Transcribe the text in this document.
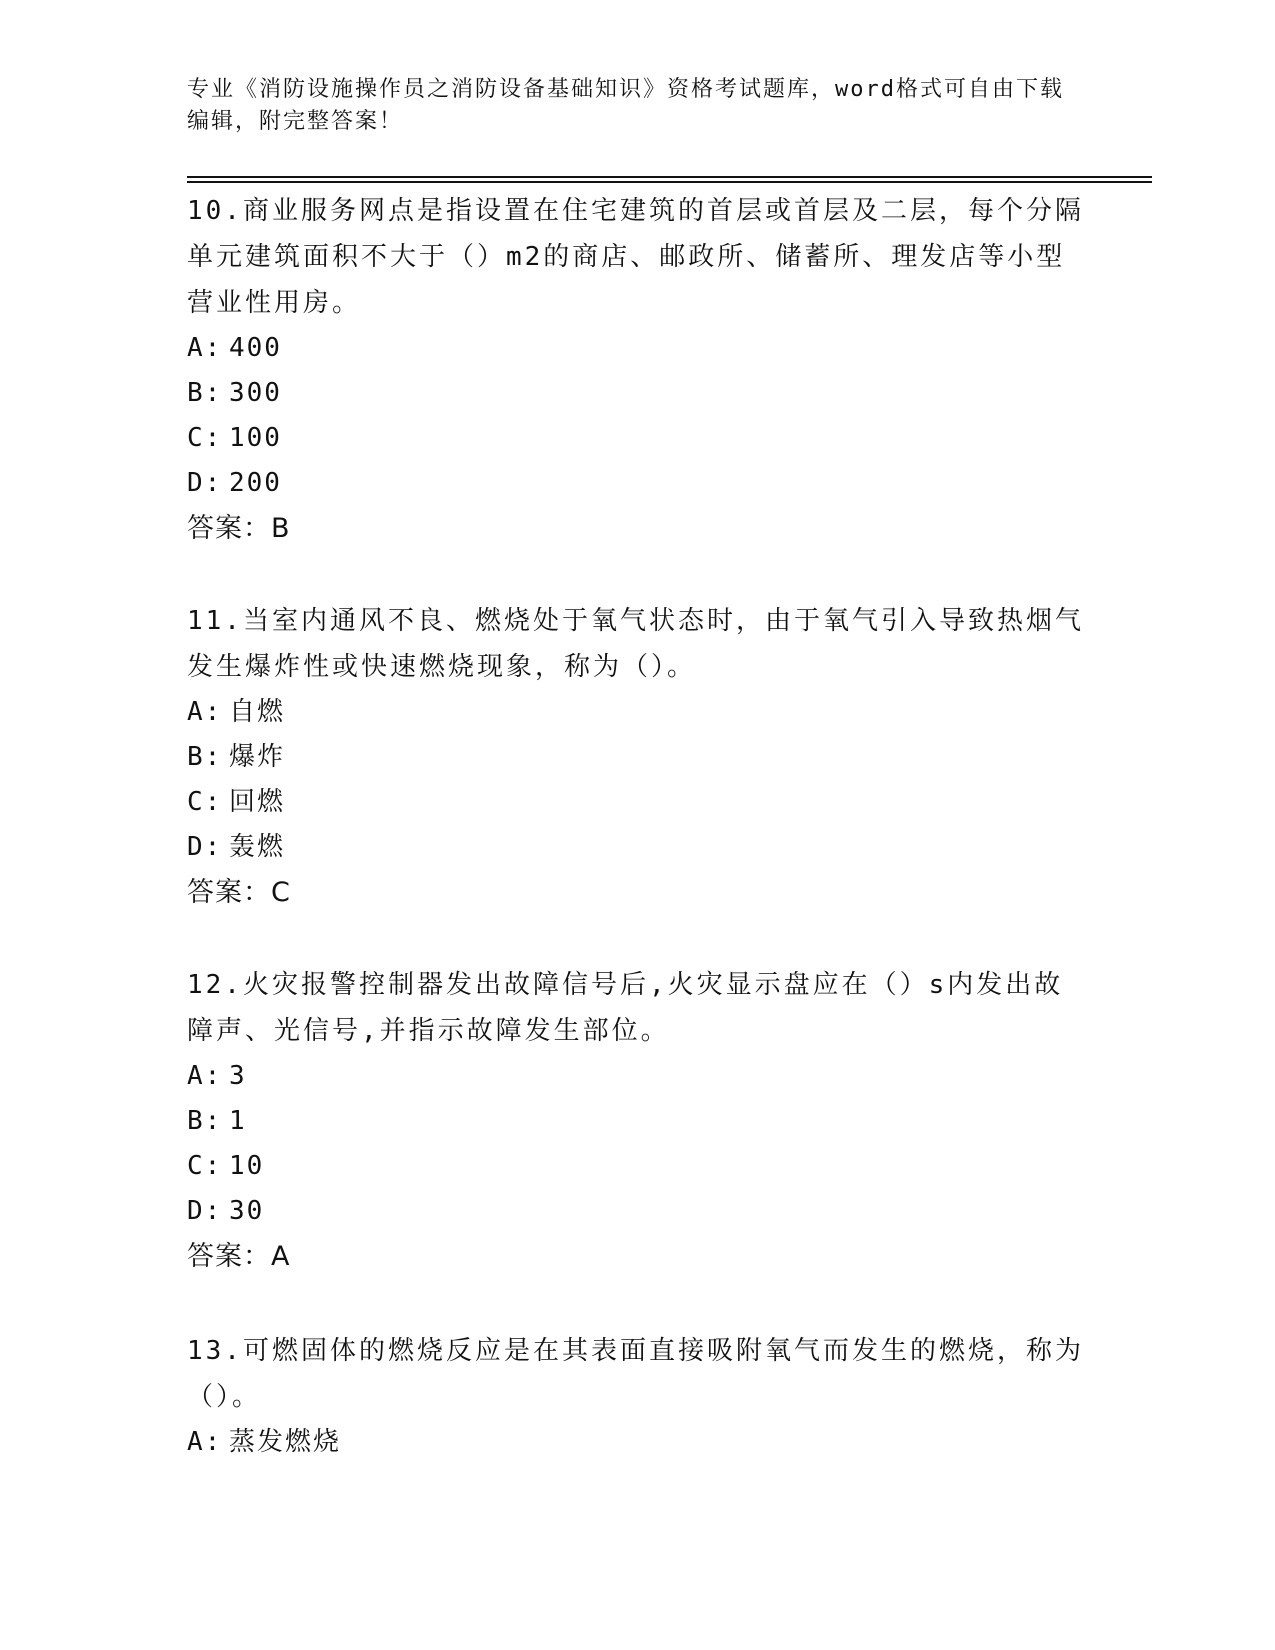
专业《消防设施操作员之消防设备基础知识》资格考试题库，word格式可自由下载编辑，附完整答案！
10.商业服务网点是指设置在住宅建筑的首层或首层及二层，每个分隔单元建筑面积不大于（）m2的商店、邮政所、储蓄所、理发店等小型营业性用房。
A: 400
B: 300
C: 100
D: 200
答案：B
11.当室内通风不良、燃烧处于氧气状态时，由于氧气引入导致热烟气发生爆炸性或快速燃烧现象，称为（）。
A: 自燃
B: 爆炸
C: 回燃
D: 轰燃
答案：C
12.火灾报警控制器发出故障信号后,火灾显示盘应在（）s内发出故障声、光信号,并指示故障发生部位。
A: 3
B: 1
C: 10
D: 30
答案：A
13.可燃固体的燃烧反应是在其表面直接吸附氧气而发生的燃烧，称为（）。
A: 蒸发燃烧
